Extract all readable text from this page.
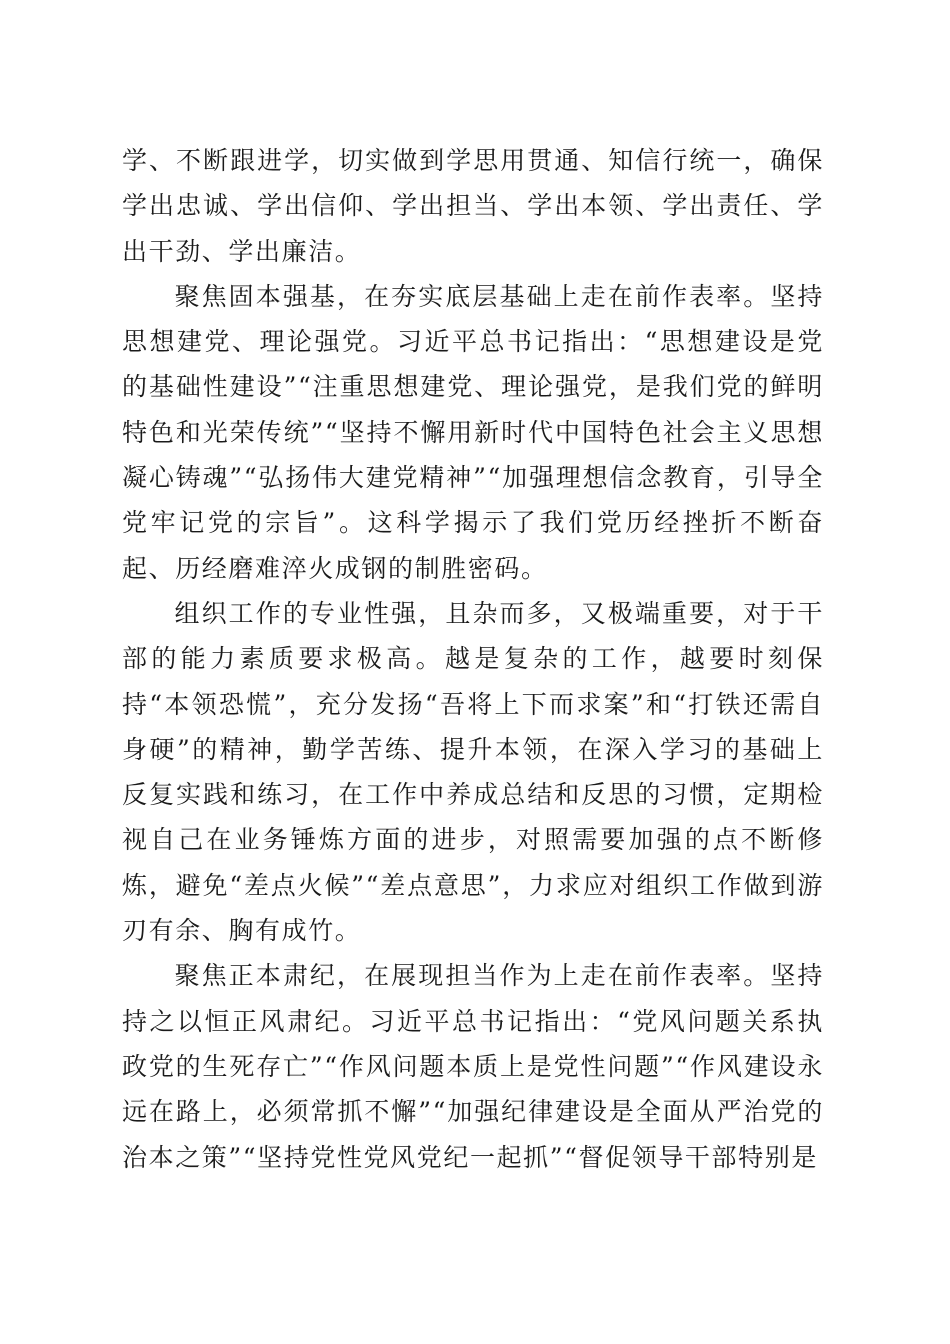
学、不断跟进学，切实做到学思用贯通、知信行统一，确保学出忠诚、学出信仰、学出担当、学出本领、学出责任、学出干劲、学出廉洁。

聚焦固本强基，在夯实底层基础上走在前作表率。坚持思想建党、理论强党。习近平总书记指出：“思想建设是党的基础性建设”“注重思想建党、理论强党，是我们党的鲜明特色和光荣传统”“坚持不懈用新时代中国特色社会主义思想凝心铸魂”“弘扬伟大建党精神”“加强理想信念教育，引导全党牢记党的宗旨”。这科学揭示了我们党历经挫折不断奋起、历经磨难淬火成钢的制胜密码。

组织工作的专业性强，且杂而多，又极端重要，对于干部的能力素质要求极高。越是复杂的工作，越要时刻保持“本领恐慌”，充分发扬“吾将上下而求案”和“打铁还需自身硬”的精神，勤学苦练、提升本领，在深入学习的基础上反复实践和练习，在工作中养成总结和反思的习惯，定期检视自己在业务锤炼方面的进步，对照需要加强的点不断修炼，避免“差点火候”“差点意思”，力求应对组织工作做到游刃有余、胸有成竹。

聚焦正本肃纪，在展现担当作为上走在前作表率。坚持持之以恒正风肃纪。习近平总书记指出：“党风问题关系执政党的生死存亡”“作风问题本质上是党性问题”“作风建设永远在路上，必须常抓不懈”“加强纪律建设是全面从严治党的治本之策”“坚持党性党风党纪一起抓”“督促领导干部特别是
